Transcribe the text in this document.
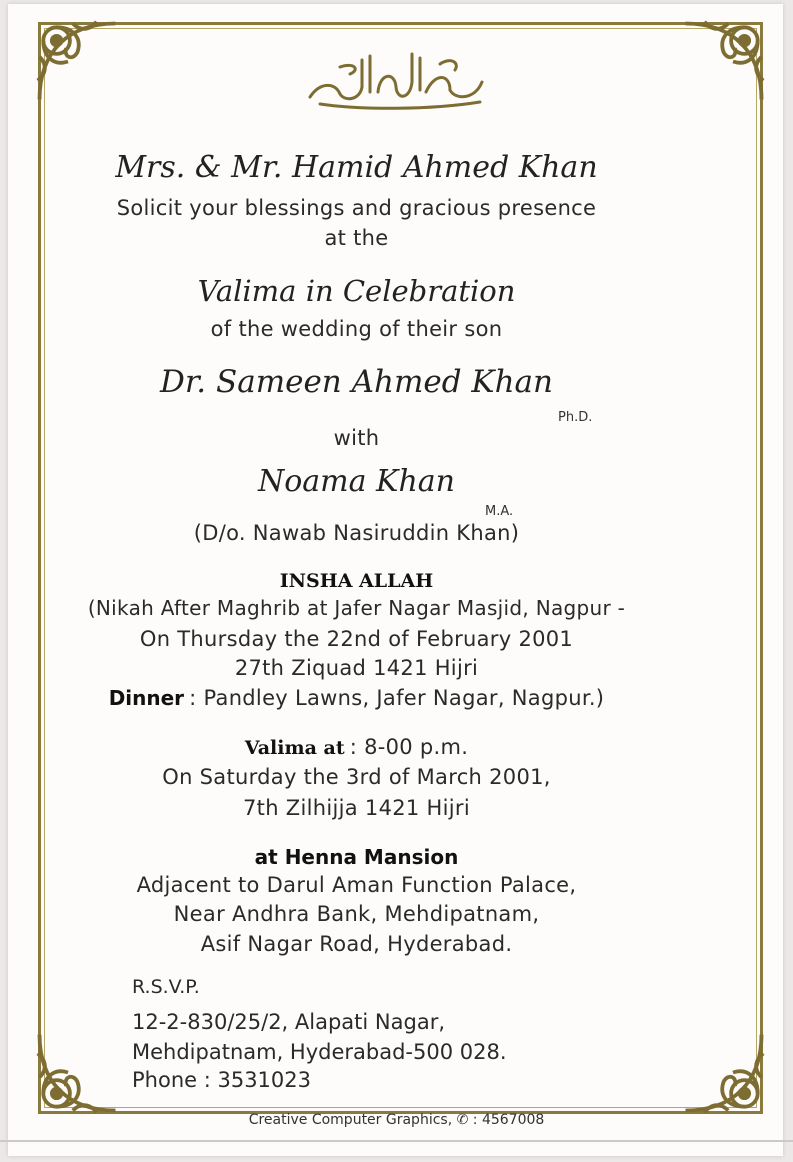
Mrs. & Mr. Hamid Ahmed Khan
Solicit your blessings and gracious presence
at the
Valima in Celebration
of the wedding of their son
Dr. Sameen Ahmed Khan
Ph.D.
with
Noama Khan
M.A.
(D/o. Nawab Nasiruddin Khan)
INSHA ALLAH
(Nikah After Maghrib at Jafer Nagar Masjid, Nagpur -
On Thursday the 22nd of February 2001
27th Ziquad 1421 Hijri
Dinner : Pandley Lawns, Jafer Nagar, Nagpur.)
Valima at : 8-00 p.m.
On Saturday the 3rd of March 2001,
7th Zilhijja 1421 Hijri
at Henna Mansion
Adjacent to Darul Aman Function Palace,
Near Andhra Bank, Mehdipatnam,
Asif Nagar Road, Hyderabad.
R.S.V.P.
12-2-830/25/2, Alapati Nagar,
Mehdipatnam, Hyderabad-500 028.
Phone : 3531023
Creative Computer Graphics, ✆ : 4567008
